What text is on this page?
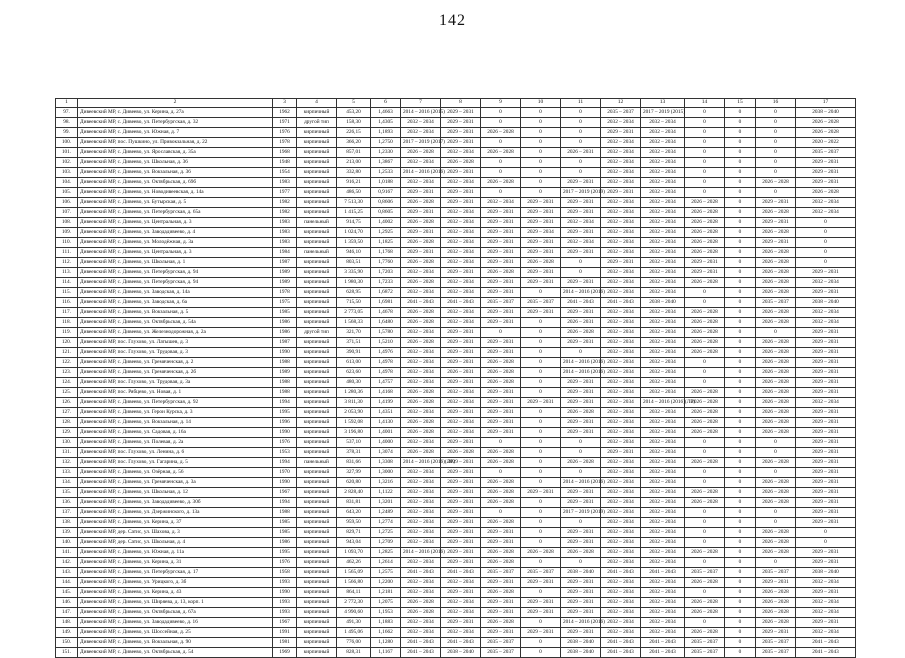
142
1	2	3	4	5	6	7	8	9	10	11	12	13	14	15	16	17
97.	Дивеевский МР, с. Дивеево, ул. Керина, д. 27а	1962	кирпичный	453,20	1,4663	2014 – 2016 (2015)	2029 – 2031	0	0	0	2035 – 2037	2017 – 2019 (2015)	0	0	0	2038 – 2040
98.	Дивеевский МР, с. Дивеево, ул. Петербургская, д. 32	1971	другой тип	158,30	1,4305	2032 – 2034	2029 – 2031	0	0	0	2032 – 2034	2032 – 2034	0	0	0	2026 – 2028
99.	Дивеевский МР, с. Дивеево, ул. Южная, д. 7	1976	кирпичный	226,15	1,1893	2032 – 2034	2029 – 2031	2026 – 2028	0	0	2029 – 2031	2032 – 2034	0	0	0	2026 – 2028
100.	Дивеевский МР, пос. Пушкино, ул. Привокзальная, д. 22	1978	кирпичный	366,20	1,2750	2017 – 2019 (2017)	2029 – 2031	0	0	0	2032 – 2034	2032 – 2034	0	0	0	2020 – 2022
101.	Дивеевский МР, с. Дивеево, ул. Ярославская, д. 35а	1968	кирпичный	857,01	1,2330	2026 – 2028	2032 – 2034	2026 – 2028	0	2026 – 2031	2032 – 2034	2032 – 2034	0	0	0	2035 – 2037
102.	Дивеевский МР, с. Дивеево, ул. Школьная, д. 36	1948	кирпичный	213,00	1,3867	2032 – 2034	2026 – 2028	0	0	0	2032 – 2034	2032 – 2034	0	0	0	2029 – 2031
103.	Дивеевский МР, с. Дивеево, ул. Вокзальная, д. 36	1954	кирпичный	332,80	1,2533	2014 – 2016 (2016)	2029 – 2031	0	0	0	2032 – 2034	2032 – 2034	0	0	0	2029 – 2031
104.	Дивеевский МР, с. Дивеево, ул. Октябрьская, д. 69б	1983	кирпичный	916,21	1,0188	2032 – 2034	2032 – 2034	2026 – 2028	0	2029 – 2031	2032 – 2034	2032 – 2034	0	0	2026 – 2028	2029 – 2031
105.	Дивеевский МР, с. Дивеево, ул. Новодивеевская, д. 14а	1977	кирпичный	486,50	0,9167	2029 – 2031	2029 – 2031	0	0	2017 – 2019 (2019)	2029 – 2031	2032 – 2034	0	0	0	2026 – 2028
106.	Дивеевский МР, с. Дивеево, ул. Бутырская, д. 5	1982	кирпичный	7 513,30	0,8606	2026 – 2028	2029 – 2031	2032 – 2034	2029 – 2031	2029 – 2031	2032 – 2034	2032 – 2034	2026 – 2028	0	2029 – 2031	2032 – 2034
107.	Дивеевский МР, с. Дивеево, ул. Петербургская, д. 65а	1982	кирпичный	1 415,25	0,8605	2029 – 2031	2032 – 2034	2029 – 2031	2029 – 2031	2029 – 2031	2032 – 2034	2032 – 2034	2026 – 2028	0	2026 – 2028	2032 – 2034
108.	Дивеевский МР, с. Дивеево, ул. Центральная, д. 3	1983	панельный	914,75	1,4002	2026 – 2028	2032 – 2034	2029 – 2031	2029 – 2031	2032 – 2034	2032 – 2034	2032 – 2034	2026 – 2028	0	2029 – 2031	0
109.	Дивеевский МР, с. Дивеево, ул. Заводадивеево, д. 4	1983	кирпичный	1 024,70	1,2925	2029 – 2031	2032 – 2034	2029 – 2031	2029 – 2034	2029 – 2031	2032 – 2034	2032 – 2034	2026 – 2028	0	2026 – 2028	0
110.	Дивеевский МР, с. Дивеево, ул. Молодёжная, д. 3а	1983	кирпичный	1 359,50	1,1825	2026 – 2028	2032 – 2034	2029 – 2031	2029 – 2031	2032 – 2034	2032 – 2034	2032 – 2034	2026 – 2028	0	2029 – 2031	0
111.	Дивеевский МР, с. Дивеево, ул. Центральная, д. 3	1984	панельный	946,10	1,1768	2029 – 2031	2032 – 2034	2029 – 2031	2029 – 2031	2029 – 2031	2032 – 2034	2032 – 2034	2026 – 2028	0	2026 – 2028	0
112.	Дивеевский МР, с. Дивеево, ул. Школьная, д. 1	1987	кирпичный	803,51	1,7760	2026 – 2028	2032 – 2034	2029 – 2031	2026 – 2028	0	2029 – 2031	2032 – 2034	2029 – 2031	0	2026 – 2028	0
113.	Дивеевский МР, с. Дивеево, ул. Петербургская, д. 94	1989	кирпичный	3 335,90	1,7203	2032 – 2034	2029 – 2031	2026 – 2028	2029 – 2031	0	2032 – 2034	2032 – 2034	2029 – 2031	0	2026 – 2028	2029 – 2031
114.	Дивеевский МР, с. Дивеево, ул. Петербургская, д. 94	1989	кирпичный	1 980,30	1,7233	2026 – 2028	2032 – 2034	2029 – 2031	2029 – 2031	2029 – 2031	2032 – 2034	2032 – 2034	2026 – 2028	0	2026 – 2028	2032 – 2034
115.	Дивеевский МР, с. Дивеево, ул. Заводская, д. 14а	1978	кирпичный	628,95	1,6872	2032 – 2034	2032 – 2034	2029 – 2031	0	2014 – 2016 (2016)	2032 – 2034	2032 – 2034	0	0	2026 – 2028	2029 – 2031
116.	Дивеевский МР, с. Дивеево, ул. Заводская, д. 6а	1975	кирпичный	715,50	1,6981	2041 – 2043	2041 – 2043	2035 – 2037	2035 – 2037	2041 – 2043	2041 – 2043	2038 – 2040	0	0	2035 – 2037	2038 – 2040
117.	Дивеевский МР, с. Дивеево, ул. Вокзальная, д. 5	1985	кирпичный	2 773,05	1,4678	2026 – 2028	2032 – 2034	2029 – 2031	2029 – 2031	2029 – 2031	2032 – 2034	2032 – 2034	2026 – 2028	0	2026 – 2028	2032 – 2034
118.	Дивеевский МР, с. Дивеево, ул. Октябрьская, д. 54а	1986	кирпичный	1 568,33	1,6480	2026 – 2028	2032 – 2034	2029 – 2031	0	2026 – 2031	2032 – 2034	2032 – 2034	2026 – 2028	0	2026 – 2028	2032 – 2034
119.	Дивеевский МР, с. Дивеево, ул. Железнодорожная, д. 2а	1986	другой тип	321,70	1,5780	2032 – 2034	2029 – 2031	0	0	2026 – 2028	2032 – 2034	2032 – 2034	2026 – 2028	0	0	2029 – 2031
120.	Дивеевский МР, пос. Глухово, ул. Латышев, д. 3	1987	кирпичный	371,51	1,5210	2026 – 2028	2029 – 2031	2029 – 2031	0	2029 – 2031	2032 – 2034	2032 – 2034	2026 – 2028	0	2026 – 2028	2029 – 2031
121.	Дивеевский МР, пос. Глухово, ул. Трудовая, д. 3	1990	кирпичный	390,91	1,4976	2032 – 2034	2029 – 2031	2029 – 2031	0	0	2032 – 2034	2032 – 2034	2026 – 2028	0	2026 – 2028	2029 – 2031
122.	Дивеевский МР, с. Дивеево, ул. Гремяченская, д. 2	1988	кирпичный	613,00	1,4978	2032 – 2034	2029 – 2031	2026 – 2028	0	2014 – 2016 (2016)	2032 – 2034	2032 – 2034	0	0	2026 – 2028	2029 – 2031
123.	Дивеевский МР, с. Дивеево, ул. Гремяченская, д. 2б	1989	кирпичный	623,60	1,4978	2032 – 2034	2026 – 2031	2026 – 2028	0	2014 – 2016 (2016)	2032 – 2034	2032 – 2034	0	0	2026 – 2028	2029 – 2031
124.	Дивеевский МР, пос. Глухово, ул. Трудовая, д. 3а	1988	кирпичный	480,30	1,4757	2032 – 2034	2029 – 2031	2026 – 2028	0	2029 – 2031	2032 – 2034	2032 – 2034	0	0	2026 – 2028	2029 – 2031
125.	Дивеевский МР, пос. Рябцево, ул. Новая, д. 1	1988	кирпичный	1 280,36	1,4168	2026 – 2028	2032 – 2034	2029 – 2031	0	2029 – 2031	2032 – 2034	2032 – 2034	2026 – 2028	0	2026 – 2028	2029 – 2031
126.	Дивеевский МР, с. Дивеево, ул. Петербургская, д. 92	1994	кирпичный	3 811,30	1,4199	2026 – 2028	2032 – 2034	2029 – 2031	2029 – 2031	2029 – 2031	2032 – 2034	2014 – 2016 (2016)(ЛР)	2026 – 2028	0	2026 – 2028	2032 – 2034
127.	Дивеевский МР, с. Дивеево, ул. Герои Курска, д. 3	1995	кирпичный	2 053,90	1,4351	2032 – 2034	2029 – 2031	2029 – 2031	0	2026 – 2028	2032 – 2034	2032 – 2034	2026 – 2028	0	2026 – 2028	2029 – 2031
128.	Дивеевский МР, с. Дивеево, ул. Вокзальная, д. 14	1996	кирпичный	1 592,08	1,4130	2026 – 2028	2032 – 2034	2029 – 2031	0	2029 – 2031	2032 – 2034	2032 – 2034	2026 – 2028	0	2026 – 2028	2029 – 2031
129.	Дивеевский МР, с. Дивеево, ул. Садовая, д. 16а	1990	кирпичный	3 196,80	1,4001	2026 – 2028	2032 – 2034	2029 – 2031	0	2029 – 2031	2032 – 2034	2032 – 2034	2026 – 2028	0	2026 – 2028	2029 – 2031
130.	Дивеевский МР, с. Дивеево, ул. Полевая, д. 2а	1976	кирпичный	537,10	1,4000	2032 – 2034	2029 – 2031	0	0	0	2032 – 2034	2032 – 2034	0	0	0	2029 – 2031
131.	Дивеевский МР, пос. Глухово, ул. Ленина, д. 6	1953	кирпичный	378,31	1,3074	2026 – 2028	2026 – 2028	2026 – 2028	0	0	2029 – 2031	2032 – 2034	0	0	0	2029 – 2031
132.	Дивеевский МР, пос. Глухово, ул. Гагарина, д. 5	1994	панельный	831,66	1,3308	2014 – 2016 (2016)(ЛР)	2029 – 2031	2026 – 2028	0	2026 – 2028	2032 – 2034	2032 – 2034	2026 – 2028	0	2026 – 2028	2029 – 2031
133.	Дивеевский МР, с. Дивеево, ул. Озёрная, д. 56	1970	кирпичный	327,99	1,3000	2032 – 2034	2029 – 2031	0	0	0	2032 – 2034	2032 – 2034	0	0	0	2029 – 2031
134.	Дивеевский МР, с. Дивеево, ул. Гремяченская, д. 3а	1990	кирпичный	620,80	1,3216	2032 – 2034	2029 – 2031	2026 – 2028	0	2014 – 2016 (2016)	2032 – 2034	2032 – 2034	0	0	2026 – 2028	2029 – 2031
135.	Дивеевский МР, с. Дивеево, ул. Школьная, д. 12	1967	кирпичный	2 828,40	1,1122	2032 – 2034	2029 – 2031	2026 – 2028	2029 – 2031	2029 – 2031	2032 – 2034	2032 – 2034	2026 – 2028	0	2026 – 2028	2029 – 2031
136.	Дивеевский МР, с. Дивеево, ул. Заводадивеево, д. 30б	1994	кирпичный	831,81	1,3201	2032 – 2034	2029 – 2031	2026 – 2028	0	2029 – 2031	2032 – 2034	2032 – 2034	2026 – 2028	0	2026 – 2028	2029 – 2031
137.	Дивеевский МР, с. Дивеево, ул. Дзержинского, д. 13а	1988	кирпичный	643,20	1,2489	2032 – 2034	2029 – 2031	0	0	2017 – 2019 (2019)	2032 – 2034	2032 – 2034	0	0	0	2029 – 2031
138.	Дивеевский МР, с. Дивеево, ул. Керина, д. 37	1985	кирпичный	959,50	1,2774	2032 – 2034	2029 – 2031	2026 – 2028	0	0	2032 – 2034	2032 – 2034	0	0	0	2029 – 2031
139.	Дивеевский МР, дер. Сатис, ул. Шахова, д. 3	1985	кирпичный	829,71	1,2725	2032 – 2034	2029 – 2031	2029 – 2031	0	2029 – 2031	2032 – 2034	2032 – 2034	0	0	2026 – 2028	0
140.	Дивеевский МР, дер. Сатис, ул. Школьная, д. 4	1986	кирпичный	943,04	1,2709	2032 – 2034	2029 – 2031	2029 – 2031	0	2029 – 2031	2032 – 2034	2032 – 2034	0	0	2026 – 2028	0
141.	Дивеевский МР, с. Дивеево, ул. Южная, д. 11а	1995	кирпичный	1 093,70	1,2825	2014 – 2016 (2016)	2029 – 2031	2026 – 2028	2026 – 2028	2026 – 2028	2032 – 2034	2032 – 2034	2026 – 2028	0	2026 – 2028	2029 – 2031
142.	Дивеевский МР, с. Дивеево, ул. Керина, д. 31	1976	кирпичный	462,26	1,2614	2032 – 2034	2029 – 2031	2026 – 2028	0	0	2032 – 2034	2032 – 2034	0	0	0	2029 – 2031
143.	Дивеевский МР, с. Дивеево, ул. Петербургская, д. 17	1958	кирпичный	1 565,09	1,2575	2041 – 2043	2041 – 2043	2035 – 2037	2035 – 2037	2038 – 2040	2041 – 2043	2041 – 2043	2035 – 2037	0	2035 – 2037	2038 – 2040
144.	Дивеевский МР, с. Дивеево, ул. Урицкого, д. 3б	1993	кирпичный	1 566,80	1,2200	2032 – 2034	2032 – 2034	2029 – 2031	2029 – 2031	2029 – 2031	2032 – 2034	2032 – 2034	2026 – 2028	0	2029 – 2031	2032 – 2034
145.	Дивеевский МР, с. Дивеево, ул. Керина, д. 43	1990	кирпичный	864,11	1,2181	2032 – 2034	2029 – 2031	2026 – 2028	0	2029 – 2031	2032 – 2034	2032 – 2034	0	0	2026 – 2028	2029 – 2031
146.	Дивеевский МР, с. Дивеево, ул. Ширяева, д. 13, корп. 1	1993	кирпичный	2 772,30	1,2075	2026 – 2028	2032 – 2034	2029 – 2031	2029 – 2031	2029 – 2031	2032 – 2034	2032 – 2034	2026 – 2028	0	2026 – 2028	2032 – 2034
147.	Дивеевский МР, с. Дивеево, ул. Октябрьская, д. 67а	1993	кирпичный	4 990,60	1,1953	2026 – 2028	2032 – 2034	2029 – 2031	2029 – 2031	2029 – 2031	2032 – 2034	2032 – 2034	2026 – 2028	0	2026 – 2028	2032 – 2034
148.	Дивеевский МР, с. Дивеево, ул. Заводадивеево, д. 16	1967	кирпичный	491,30	1,1883	2032 – 2034	2029 – 2031	2026 – 2028	0	2014 – 2016 (2016)	2032 – 2034	2032 – 2034	0	0	2026 – 2028	2029 – 2031
149.	Дивеевский МР, с. Дивеево, ул. Шоссейная, д. 25	1991	кирпичный	1 495,06	1,1662	2032 – 2034	2032 – 2034	2029 – 2031	2029 – 2031	2029 – 2031	2032 – 2034	2032 – 2034	2026 – 2028	0	2029 – 2031	2032 – 2034
150.	Дивеевский МР, с. Дивеево, ул. Вокзальная, д. 90	1981	кирпичный	776,00	1,1280	2041 – 2043	2041 – 2043	2035 – 2037	0	2038 – 2040	2041 – 2043	2041 – 2043	2035 – 2037	0	2035 – 2037	2041 – 2043
151.	Дивеевский МР, с. Дивеево, ул. Октябрьская, д. 54	1969	кирпичный	828,31	1,1167	2041 – 2043	2038 – 2040	2035 – 2037	0	2038 – 2040	2041 – 2043	2041 – 2043	2035 – 2037	0	2035 – 2037	2041 – 2043
